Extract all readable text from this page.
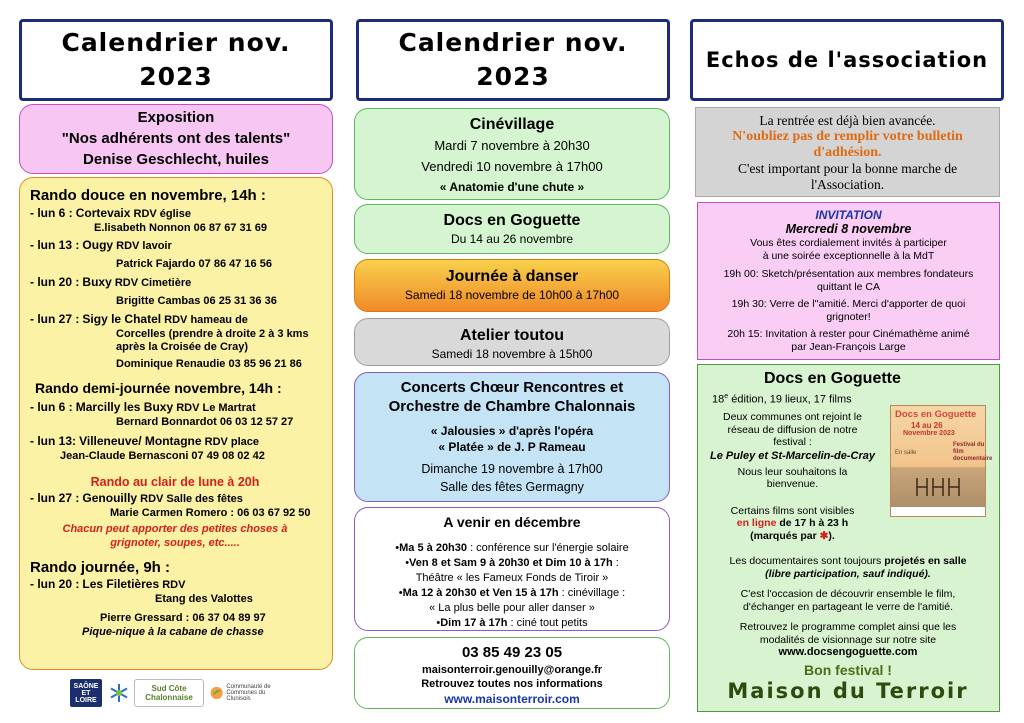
Calendrier nov.
2023
Exposition
"Nos adhérents ont des talents"
Denise Geschlecht, huiles
Rando douce en novembre, 14h :
- lun 6 : Cortevaix RDV église
E.lisabeth Nonnon 06 87 67 31 69
- lun 13 : Ougy RDV lavoir
Patrick Fajardo 07 86 47 16 56
- lun 20 : Buxy RDV Cimetière
Brigitte Cambas 06 25 31 36 36
- lun 27 : Sigy le Chatel RDV hameau de
Corcelles (prendre à droite 2 à 3 kms
après la Croisée de Cray)
Dominique Renaudie 03 85 96 21 86
Rando demi-journée novembre, 14h :
- lun 6 : Marcilly les Buxy RDV Le Martrat
Bernard Bonnardot 06 03 12 57 27
- lun 13: Villeneuve/ Montagne RDV place
Jean-Claude Bernasconi 07 49 08 02 42
Rando au clair de lune à 20h
- lun 27 : Genouilly RDV Salle des fêtes
Marie Carmen Romero : 06 03 67 92 50
Chacun peut apporter des petites choses à
grignoter, soupes, etc.....
Rando journée, 9h :
- lun 20 : Les Filetières RDV
Etang des Valottes
Pierre Gressard : 06 37 04 89 97
Pique-nique à la cabane de chasse
SAÔNE ET LOIRE
Sud Côte Chalonnaise
Communauté de Communes du Clunisois
Calendrier nov.
2023
Cinévillage
Mardi 7 novembre à 20h30
Vendredi 10 novembre à 17h00
« Anatomie d'une chute »
Docs en Goguette
Du 14 au 26 novembre
Journée à danser
Samedi 18 novembre de 10h00 à 17h00
Atelier toutou
Samedi 18 novembre à 15h00
Concerts Chœur Rencontres et
Orchestre de Chambre Chalonnais
« Jalousies » d'après l'opéra
« Platée » de J. P Rameau
Dimanche 19 novembre à 17h00
Salle des fêtes Germagny
A venir en décembre
• Ma 5 à 20h30 : conférence sur l'énergie solaire
• Ven 8 et Sam 9 à 20h30 et Dim 10 à 17h :
Théâtre « les Fameux Fonds de Tiroir »
• Ma 12 à 20h30 et Ven 15 à 17h : cinévillage :
« La plus belle pour aller danser »
• Dim 17 à 17h : ciné tout petits
03 85 49 23 05
maisonterroir.genouilly@orange.fr
Retrouvez toutes nos informations
www.maisonterroir.com
Echos de l'association
La rentrée est déjà bien avancée.
N'oubliez pas de remplir votre bulletin
d'adhésion.
C'est important pour la bonne marche de
l'Association.
INVITATION
Mercredi 8 novembre
Vous êtes cordialement invités à participer
à une soirée exceptionnelle à la MdT
19h 00: Sketch/présentation aux membres fondateurs
quittant le CA
19h 30: Verre de l''amitié. Merci d'apporter de quoi
grignoter!
20h 15: Invitation à rester pour Cinémathème animé
par Jean-François Large
Docs en Goguette
18e édition, 19 lieux, 17 films
Deux communes ont rejoint le
réseau de diffusion de notre
festival :
Le Puley et St-Marcelin-de-Cray
Nous leur souhaitons la
bienvenue.
Certains films sont visibles
en ligne de 17 h à 23 h
(marqués par ✱).
Docs en Goguette
14 au 26
Novembre 2023
Festival du film documentaire
En salle
Les documentaires sont toujours projetés en salle
(libre participation, sauf indiqué).
C'est l'occasion de découvrir ensemble le film,
d'échanger en partageant le verre de l'amitié.
Retrouvez le programme complet ainsi que les
modalités de visionnage sur notre site
www.docsengoguette.com
Bon festival !
Maison du Terroir
